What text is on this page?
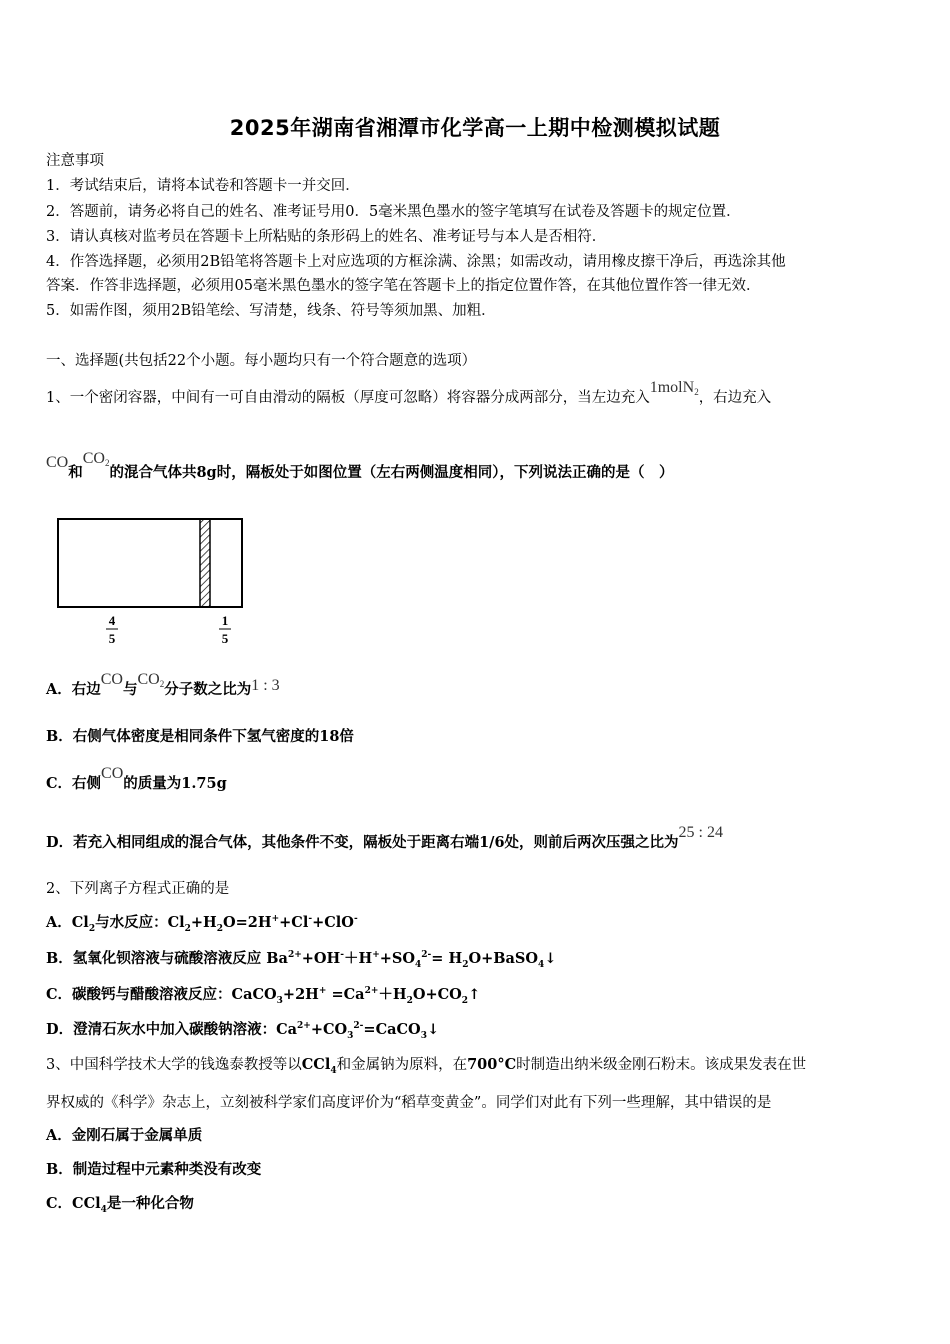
2025年湖南省湘潭市化学高一上期中检测模拟试题
注意事项
1．考试结束后，请将本试卷和答题卡一并交回．
2．答题前，请务必将自己的姓名、准考证号用0．5毫米黑色墨水的签字笔填写在试卷及答题卡的规定位置．
3．请认真核对监考员在答题卡上所粘贴的条形码上的姓名、准考证号与本人是否相符．
4．作答选择题，必须用2B铅笔将答题卡上对应选项的方框涂满、涂黑；如需改动，请用橡皮擦干净后，再选涂其他
答案．作答非选择题，必须用05毫米黑色墨水的签字笔在答题卡上的指定位置作答，在其他位置作答一律无效．
5．如需作图，须用2B铅笔绘、写清楚，线条、符号等须加黑、加粗．
一、选择题(共包括22个小题。每小题均只有一个符合题意的选项）
1、一个密闭容器，中间有一可自由滑动的隔板（厚度可忽略）将容器分成两部分，当左边充入1molN2，右边充入
CO和CO2的混合气体共8g时，隔板处于如图位置（左右两侧温度相同），下列说法正确的是（　）
4
5
1
5
A．右边CO与CO2分子数之比为1 : 3
B．右侧气体密度是相同条件下氢气密度的18倍
C．右侧CO的质量为1.75g
D．若充入相同组成的混合气体，其他条件不变，隔板处于距离右端1/6处，则前后两次压强之比为25 : 24
2、下列离子方程式正确的是
A．$Cl_2$与水反应：$Cl_2+H_2O=2H^++Cl^-+ClO^-$
B．氢氧化钡溶液与硫酸溶液反应 $Ba^{2+}+OH^-+H^++SO_4^{2-}=$ $H_2O+BaSO_4↓$
C．碳酸钙与醋酸溶液反应：CaCO$_3$+2H+ $=Ca^{2+}+H_2O+CO_2↑$
D．澄清石灰水中加入碳酸钠溶液：$Ca^{2+}+CO_3^{2-}=CaCO_3↓$
3、中国科学技术大学的钱逸泰教授等以CCl$_4$和金属钠为原料，在700°C时制造出纳米级金刚石粉末。该成果发表在世
界权威的《科学》杂志上，立刻被科学家们高度评价为“稻草变黄金”。同学们对此有下列一些理解，其中错误的是
A．金刚石属于金属单质
B．制造过程中元素种类没有改变
C．CCl$_4$是一种化合物
